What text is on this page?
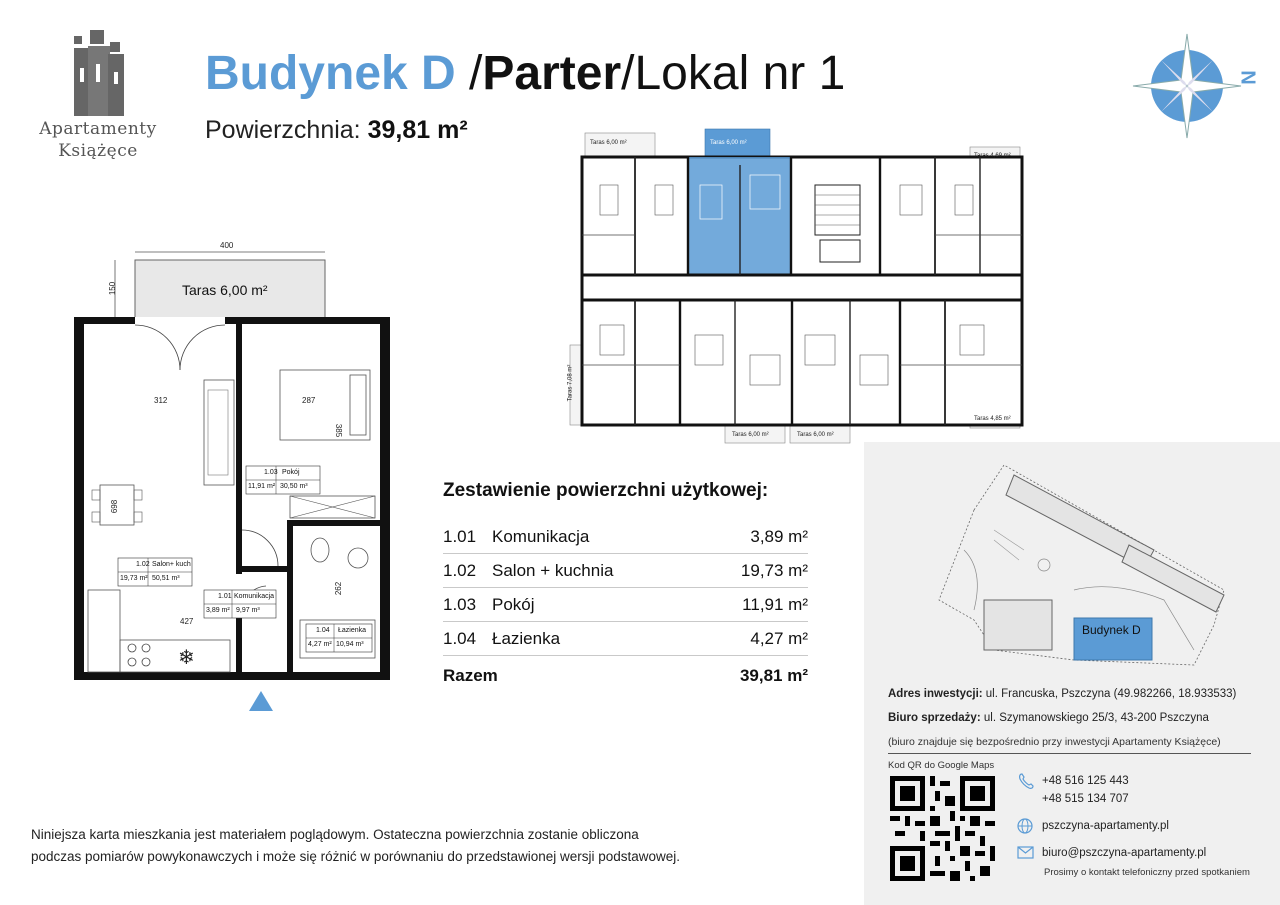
Apartamenty
Książęce
Budynek D /Parter/Lokal nr 1
Powierzchnia: 39,81 m²
N
❄
Taras 6,00 m²
400
150
312	287
385
698
427
262
1.03 Pokój
11,91 m² 30,50 m³
1.02 Salon+ kuch
19,73 m² 50,51 m³
1.01 Komunikacja
3,89 m² 9,97 m³
1.04 Łazienka
4,27 m² 10,94 m³
Taras 6,00 m²	Taras 6,00 m²
Taras 4,69 m²
Taras 7,08 m²
Taras 4,85 m²
Taras 6,00 m²	Taras 6,00 m²
Zestawienie powierzchni użytkowej:
1.01 Komunikacja	3,89 m²
1.02 Salon + kuchnia	19,73 m²
1.03 Pokój	11,91 m²
1.04 Łazienka	4,27 m²
Razem	39,81 m²
Niniejsza karta mieszkania jest materiałem poglądowym. Ostateczna powierzchnia zostanie obliczona
podczas pomiarów powykonawczych i może się różnić w porównaniu do przedstawionej wersji podstawowej.
Budynek D
Adres inwestycji: ul. Francuska, Pszczyna (49.982266, 18.933533)
Biuro sprzedaży: ul. Szymanowskiego 25/3, 43-200 Pszczyna
(biuro znajduje się bezpośrednio przy inwestycji Apartamenty Książęce)
Kod QR do Google Maps
+48 516 125 443
+48 515 134 707
pszczyna-apartamenty.pl
biuro@pszczyna-apartamenty.pl
Prosimy o kontakt telefoniczny przed spotkaniem
